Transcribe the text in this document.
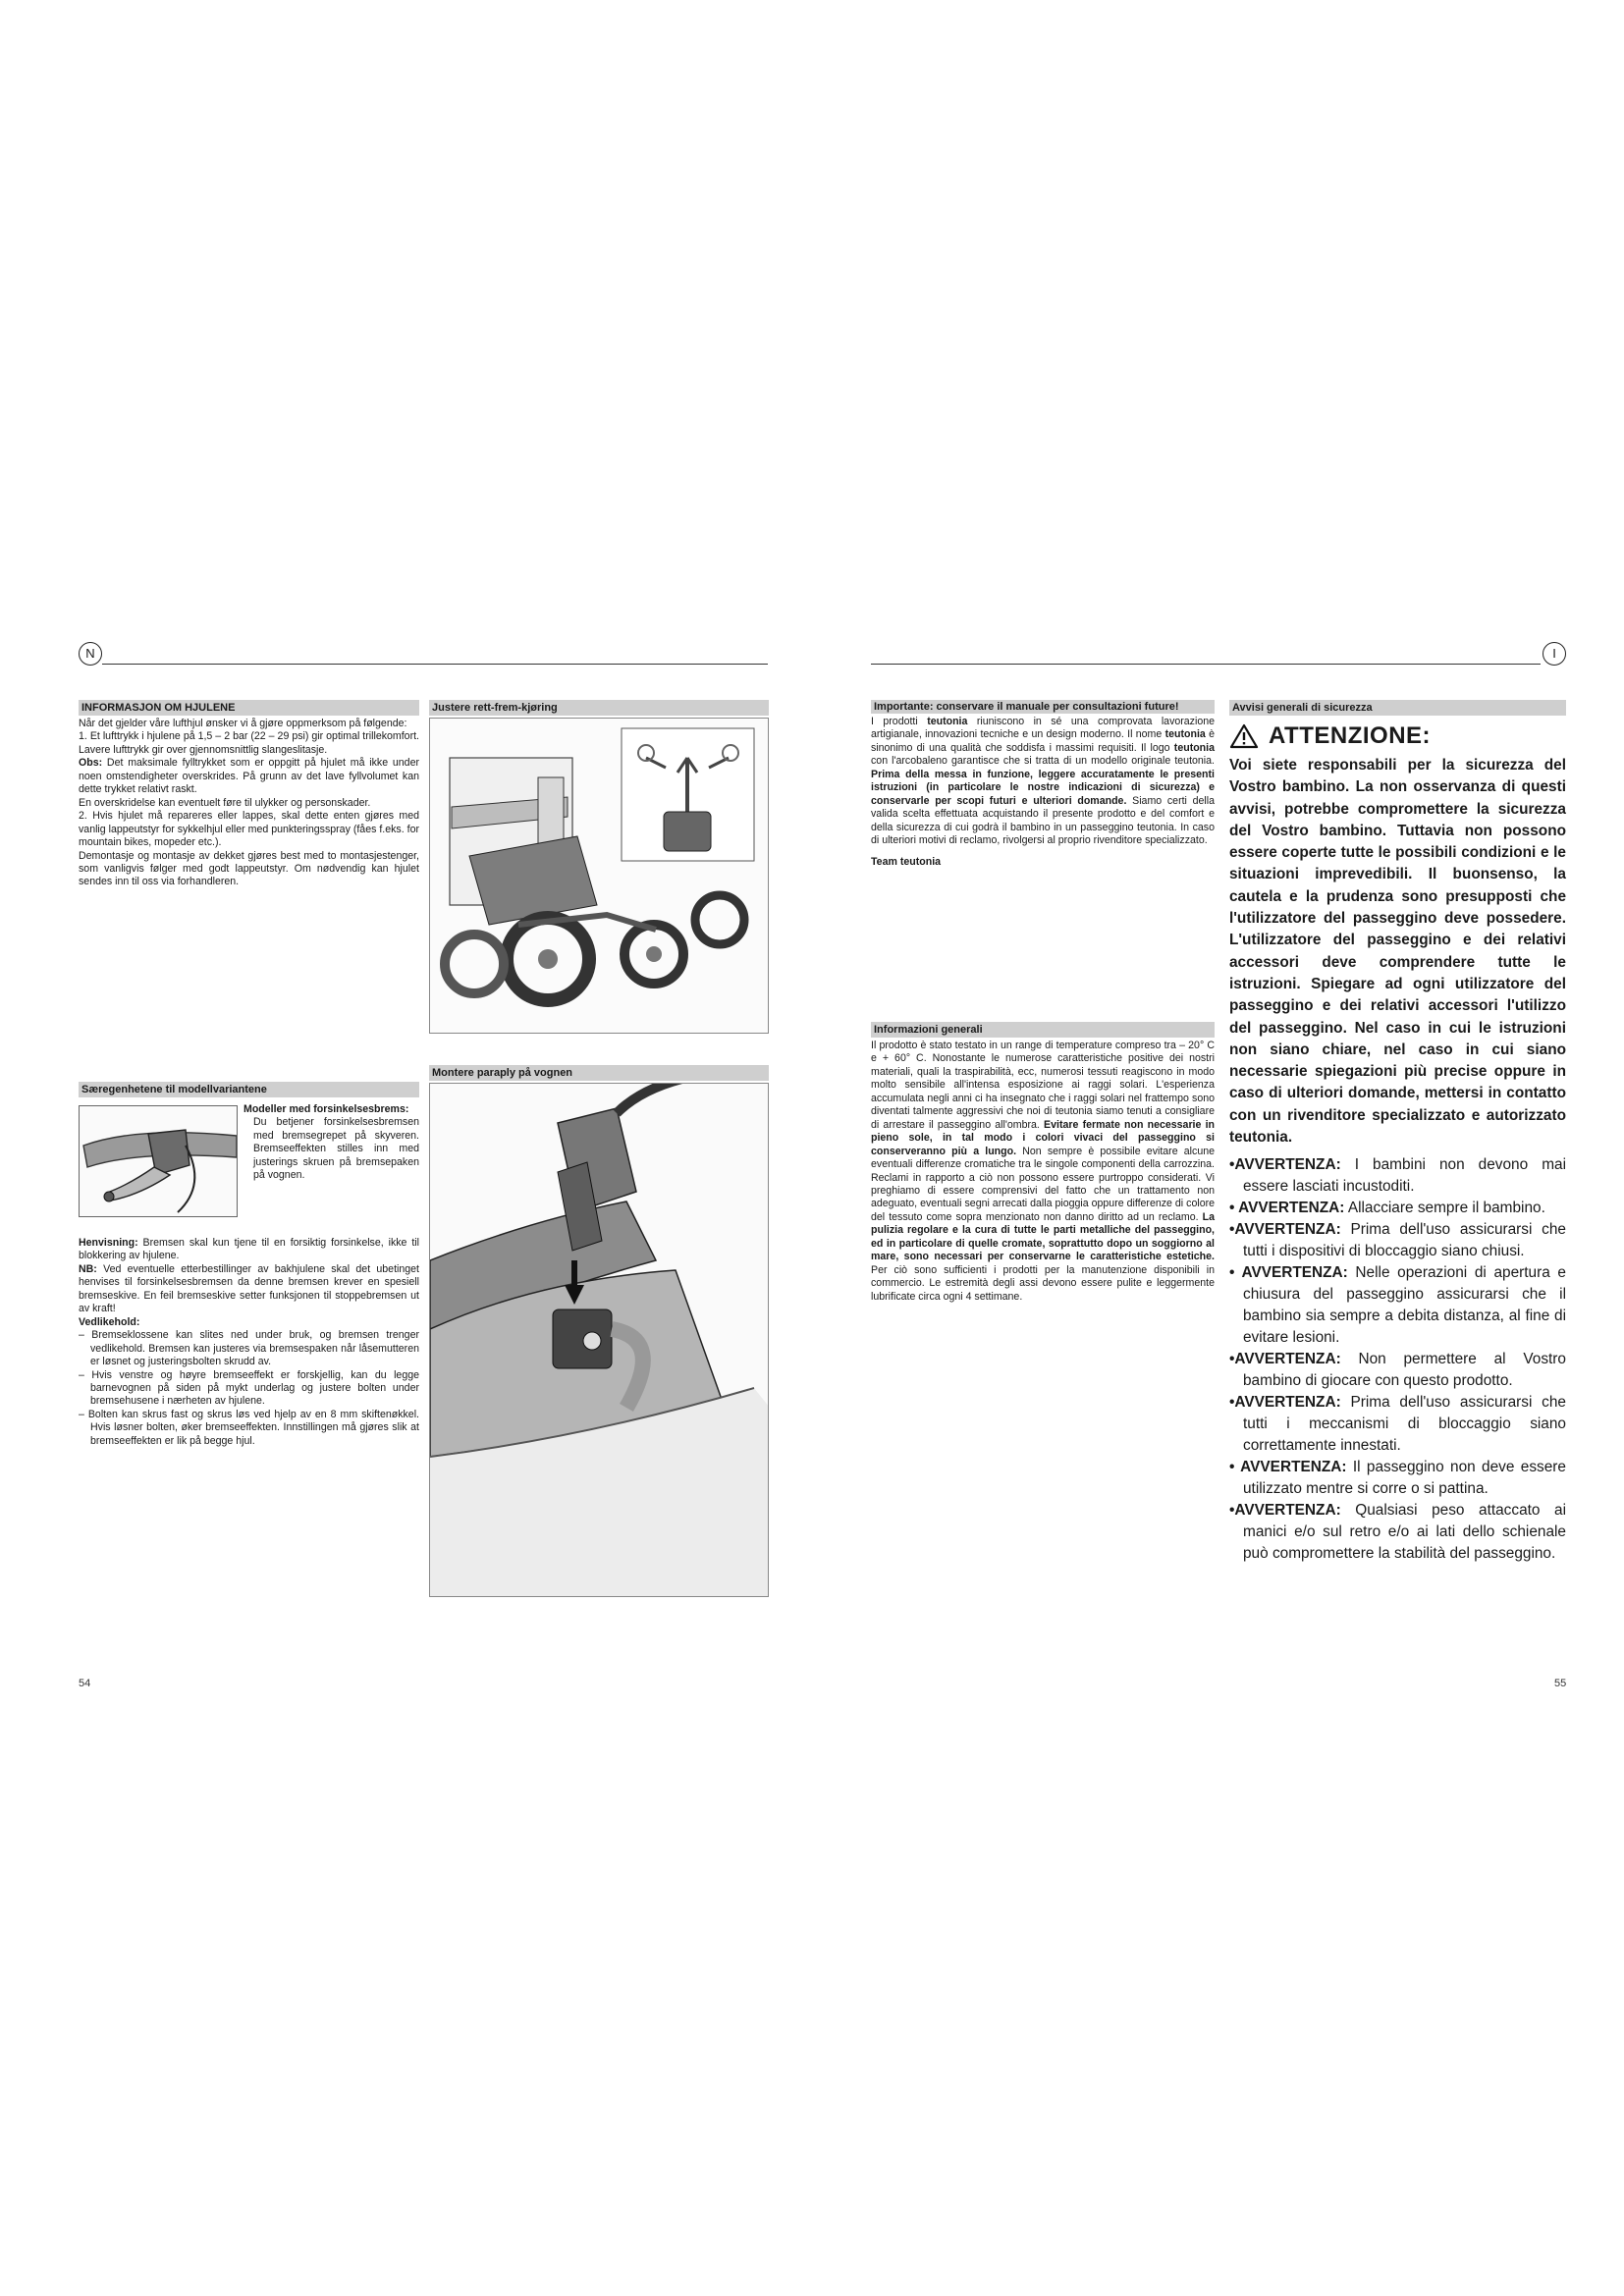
N
INFORMASJON OM HJULENE

Når det gjelder våre lufthjul ønsker vi å gjøre oppmerksom på følgende:

1. Et lufttrykk i hjulene på 1,5 – 2 bar (22 – 29 psi) gir optimal trillekomfort. Lavere lufttrykk gir over gjennomsnittlig slangeslitasje.

Obs: Det maksimale fylltrykket som er oppgitt på hjulet må ikke under noen omstendigheter overskrides. På grunn av det lave fyllvolumet kan dette trykket relativt raskt.

En overskridelse kan eventuelt føre til ulykker og personskader.

2. Hvis hjulet må repareres eller lappes, skal dette enten gjøres med vanlig lappeutstyr for sykkelhjul eller med punkteringsspray (fåes f.eks. for mountain bikes, mopeder etc.).

Demontasje og montasje av dekket gjøres best med to montasjestenger, som vanligvis følger med godt lappeutstyr. Om nødvendig kan hjulet sendes inn til oss via forhandleren.

Særegenhetene til modellvariantene

Modeller med forsinkelsesbrems:

Du betjener forsinkelsesbremsen med bremsegrepet på skyveren. Bremseeffekten stilles inn med justerings skruen på bremsepaken på vognen.

Henvisning: Bremsen skal kun tjene til en forsiktig forsinkelse, ikke til blokkering av hjulene.

NB: Ved eventuelle etterbestillinger av bakhjulene skal det ubetinget henvises til forsinkelsesbremsen da denne bremsen krever en spesiell bremseskive. En feil bremseskive setter funksjonen til stoppebremsen ut av kraft!

Vedlikehold:

– Bremseklossene kan slites ned under bruk, og bremsen trenger vedlikehold. Bremsen kan justeres via bremsespaken når låsemutteren er løsnet og justeringsbolten skrudd av.

– Hvis venstre og høyre bremseeffekt er forskjellig, kan du legge barnevognen på siden på mykt underlag og justere bolten under bremsehusene i nærheten av hjulene.

– Bolten kan skrus fast og skrus løs ved hjelp av en 8 mm skiftenøkkel. Hvis løsner bolten, øker bremseeffekten. Innstillingen må gjøres slik at bremseeffekten er lik på begge hjul.

Justere rett-frem-kjøring
Montere paraply på vognen
54
I
Importante: conservare il manuale per consultazioni future!

I prodotti teutonia riuniscono in sé una comprovata lavorazione artigianale, innovazioni tecniche e un design moderno. Il nome teutonia è sinonimo di una qualità che soddisfa i massimi requisiti. Il logo teutonia con l'arcobaleno garantisce che si tratta di un modello originale teutonia. Prima della messa in funzione, leggere accuratamente le presenti istruzioni (in particolare le nostre indicazioni di sicurezza) e conservarle per scopi futuri e ulteriori domande. Siamo certi della valida scelta effettuata acquistando il presente prodotto e del comfort e della sicurezza di cui godrà il bambino in un passeggino teutonia. In caso di ulteriori motivi di reclamo, rivolgersi al proprio rivenditore specializzato.

Team teutonia

Informazioni generali

Il prodotto è stato testato in un range di temperature compreso tra – 20° C e + 60° C. Nonostante le numerose caratteristiche positive dei nostri materiali, quali la traspirabilità, ecc, numerosi tessuti reagiscono in modo molto sensibile all'intensa esposizione ai raggi solari. L'esperienza accumulata negli anni ci ha insegnato che i raggi solari nel frattempo sono diventati talmente aggressivi che noi di teutonia siamo tenuti a consigliare di arrestare il passeggino all'ombra. Evitare fermate non necessarie in pieno sole, in tal modo i colori vivaci del passeggino si conserveranno più a lungo. Non sempre è possibile evitare alcune eventuali differenze cromatiche tra le singole componenti della carrozzina. Reclami in rapporto a ciò non possono essere purtroppo considerati. Vi preghiamo di essere comprensivi del fatto che un trattamento non adeguato, eventuali segni arrecati dalla pioggia oppure differenze di colore del tessuto come sopra menzionato non danno diritto ad un reclamo. La pulizia regolare e la cura di tutte le parti metalliche del passeggino, ed in particolare di quelle cromate, soprattutto dopo un soggiorno al mare, sono necessari per conservarne le caratteristiche estetiche. Per ciò sono sufficienti i prodotti per la manutenzione disponibili in commercio. Le estremità degli assi devono essere pulite e leggermente lubrificate circa ogni 4 settimane.

Avvisi generali di sicurezza
ATTENZIONE:

Voi siete responsabili per la sicurezza del Vostro bambino. La non osservanza di questi avvisi, potrebbe compromettere la sicurezza del Vostro bambino. Tuttavia non possono essere coperte tutte le possibili condizioni e le situazioni imprevedibili. Il buonsenso, la cautela e la prudenza sono presupposti che l'utilizzatore del passeggino deve possedere. L'utilizzatore del passeggino e dei relativi accessori deve comprendere tutte le istruzioni. Spiegare ad ogni utilizzatore del passeggino e dei relativi accessori l'utilizzo del passeggino. Nel caso in cui le istruzioni non siano chiare, nel caso in cui siano necessarie spiegazioni più precise oppure in caso di ulteriori domande, mettersi in contatto con un rivenditore specializzato e autorizzato teutonia.

•AVVERTENZA: I bambini non devono mai essere lasciati incustoditi.
• AVVERTENZA: Allacciare sempre il bambino.
•AVVERTENZA: Prima dell'uso assicurarsi che tutti i dispositivi di bloccaggio siano chiusi.
• AVVERTENZA: Nelle operazioni di apertura e chiusura del passeggino assicurarsi che il bambino sia sempre a debita distanza, al fine di evitare lesioni.
•AVVERTENZA: Non permettere al Vostro bambino di giocare con questo prodotto.
•AVVERTENZA: Prima dell'uso assicurarsi che tutti i meccanismi di bloccaggio siano correttamente innestati.
• AVVERTENZA: Il passeggino non deve essere utilizzato mentre si corre o si pattina.
•AVVERTENZA: Qualsiasi peso attaccato ai manici e/o sul retro e/o ai lati dello schienale può compromettere la stabilità del passeggino.
55
